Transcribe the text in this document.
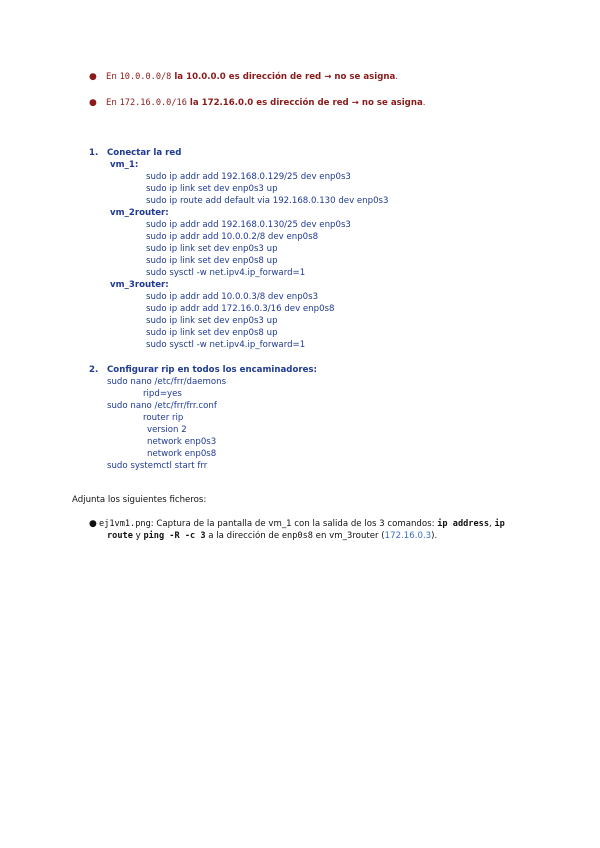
● En 10.0.0.0/8 la 10.0.0.0 es dirección de red → no se asigna.
● En 172.16.0.0/16 la 172.16.0.0 es dirección de red → no se asigna.
1. Conectar la red
vm_1:
sudo ip addr add 192.168.0.129/25 dev enp0s3
sudo ip link set dev enp0s3 up
sudo ip route add default via 192.168.0.130 dev enp0s3
vm_2router:
sudo ip addr add 192.168.0.130/25 dev enp0s3
sudo ip addr add 10.0.0.2/8 dev enp0s8
sudo ip link set dev enp0s3 up
sudo ip link set dev enp0s8 up
sudo sysctl -w net.ipv4.ip_forward=1
vm_3router:
sudo ip addr add 10.0.0.3/8 dev enp0s3
sudo ip addr add 172.16.0.3/16 dev enp0s8
sudo ip link set dev enp0s3 up
sudo ip link set dev enp0s8 up
sudo sysctl -w net.ipv4.ip_forward=1
2. Configurar rip en todos los encaminadores:
sudo nano /etc/frr/daemons
ripd=yes
sudo nano /etc/frr/frr.conf
router rip
version 2
network enp0s3
network enp0s8
sudo systemctl start frr
Adjunta los siguientes ficheros:
● ej1vm1.png: Captura de la pantalla de vm_1 con la salida de los 3 comandos: ip address, ip
route y ping -R -c 3 a la dirección de enp0s8 en vm_3router (172.16.0.3).
